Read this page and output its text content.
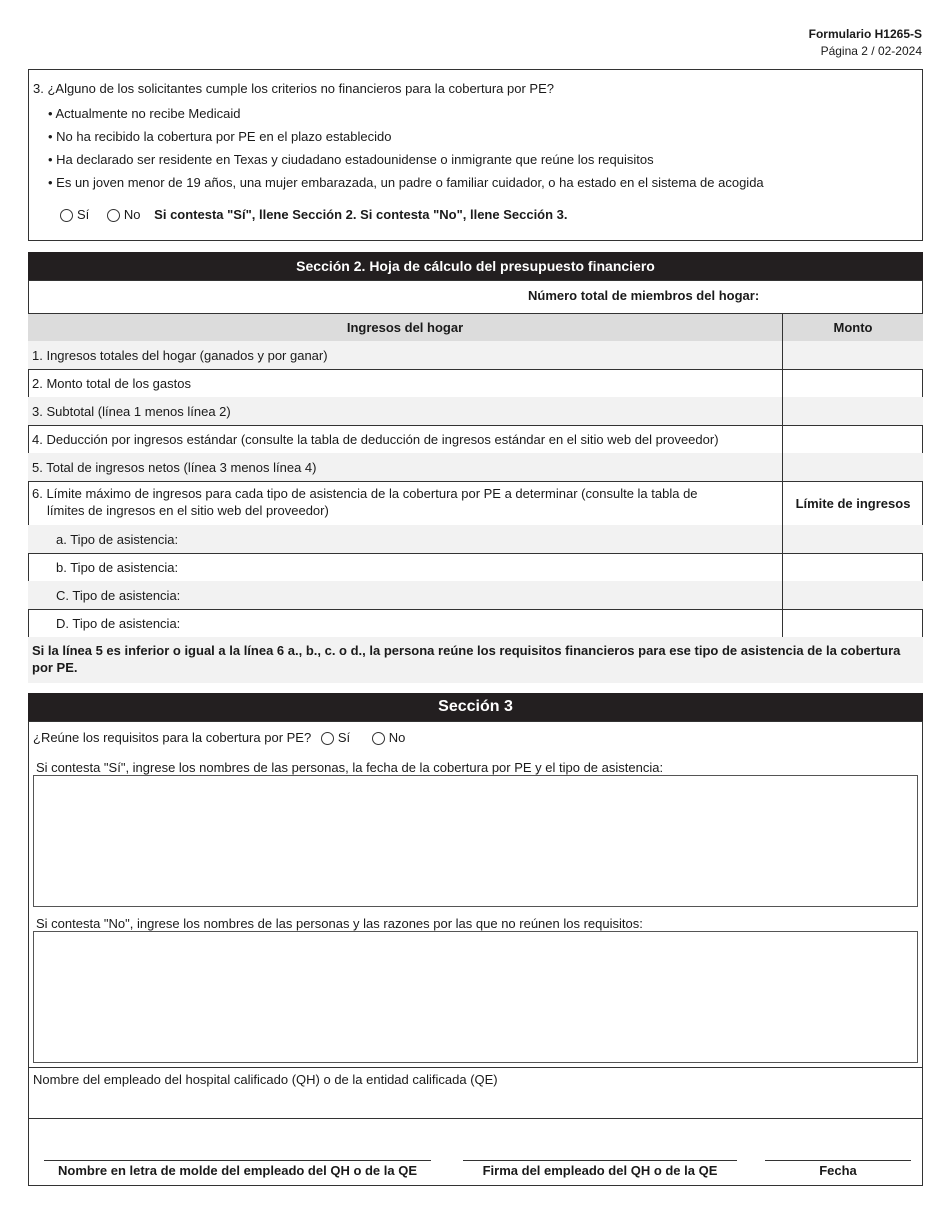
Formulario H1265-S
Página 2 / 02-2024
3. ¿Alguno de los solicitantes cumple los criterios no financieros para la cobertura por PE?
• Actualmente no recibe Medicaid
• No ha recibido la cobertura por PE en el plazo establecido
• Ha declarado ser residente en Texas y ciudadano estadounidense o inmigrante que reúne los requisitos
• Es un joven menor de 19 años, una mujer embarazada, un padre o familiar cuidador, o ha estado en el sistema de acogida
Sí	No Si contesta "Sí", llene Sección 2. Si contesta "No", llene Sección 3.
Sección 2. Hoja de cálculo del presupuesto financiero
Número total de miembros del hogar:
Ingresos del hogar	Monto
1. Ingresos totales del hogar (ganados y por ganar)
2. Monto total de los gastos
3. Subtotal (línea 1 menos línea 2)
4. Deducción por ingresos estándar (consulte la tabla de deducción de ingresos estándar en el sitio web del proveedor)
5. Total de ingresos netos (línea 3 menos línea 4)
6. Límite máximo de ingresos para cada tipo de asistencia de la cobertura por PE a determinar (consulte la tabla de
límites de ingresos en el sitio web del proveedor)	Límite de ingresos
a. Tipo de asistencia:
b. Tipo de asistencia:
C. Tipo de asistencia:
D. Tipo de asistencia:
Si la línea 5 es inferior o igual a la línea 6 a., b., c. o d., la persona reúne los requisitos financieros para ese tipo de asistencia de la cobertura por PE.
Sección 3
¿Reúne los requisitos para la cobertura por PE? Sí	No
Si contesta "Sí", ingrese los nombres de las personas, la fecha de la cobertura por PE y el tipo de asistencia:
Si contesta "No", ingrese los nombres de las personas y las razones por las que no reúnen los requisitos:
Nombre del empleado del hospital calificado (QH) o de la entidad calificada (QE)
Nombre en letra de molde del empleado del QH o de la QE	Firma del empleado del QH o de la QE	Fecha
